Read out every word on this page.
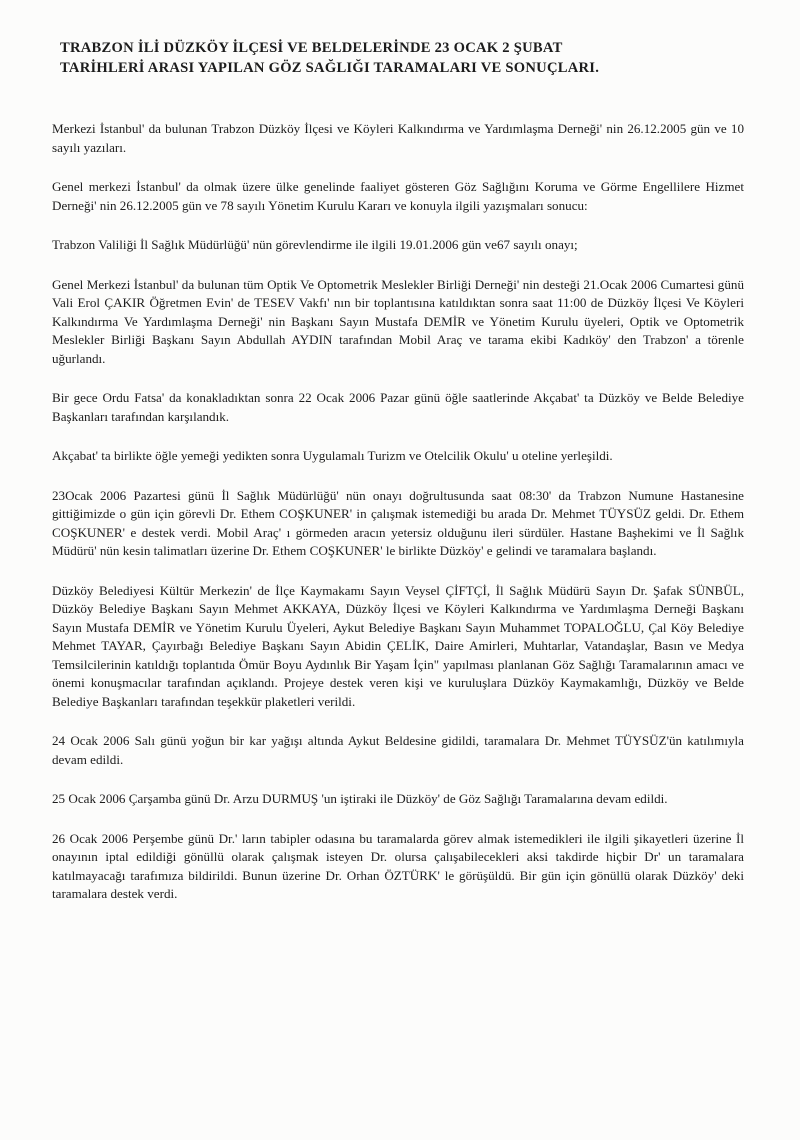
TRABZON İLİ DÜZKÖY İLÇESİ VE BELDELERİNDE 23 OCAK 2 ŞUBAT
TARİHLERİ ARASI YAPILAN GÖZ SAĞLIĞI TARAMALARI VE SONUÇLARI.

Merkezi İstanbul' da bulunan Trabzon Düzköy İlçesi ve Köyleri Kalkındırma ve Yardımlaşma Derneği' nin 26.12.2005 gün ve 10 sayılı yazıları.

Genel merkezi İstanbul' da olmak üzere ülke genelinde faaliyet gösteren Göz Sağlığını Koruma ve Görme Engellilere Hizmet Derneği' nin 26.12.2005 gün ve 78 sayılı Yönetim Kurulu Kararı ve konuyla ilgili yazışmaları sonucu:

Trabzon Valiliği İl Sağlık Müdürlüğü' nün görevlendirme ile ilgili 19.01.2006 gün ve67 sayılı onayı;

Genel Merkezi İstanbul' da bulunan tüm Optik Ve Optometrik Meslekler Birliği Derneği' nin desteği 21.Ocak 2006 Cumartesi günü Vali Erol ÇAKIR Öğretmen Evin' de TESEV Vakfı' nın bir toplantısına katıldıktan sonra saat 11:00 de Düzköy İlçesi Ve Köyleri Kalkındırma Ve Yardımlaşma Derneği' nin Başkanı Sayın Mustafa DEMİR ve Yönetim Kurulu üyeleri, Optik ve Optometrik Meslekler Birliği Başkanı Sayın Abdullah AYDIN tarafından Mobil Araç ve tarama ekibi Kadıköy' den Trabzon' a törenle uğurlandı.

Bir gece Ordu Fatsa' da konakladıktan sonra 22 Ocak 2006 Pazar günü öğle saatlerinde Akçabat' ta Düzköy ve Belde Belediye Başkanları tarafından karşılandık.

Akçabat' ta birlikte öğle yemeği yedikten sonra Uygulamalı Turizm ve Otelcilik Okulu' u oteline yerleşildi.

23Ocak 2006 Pazartesi günü İl Sağlık Müdürlüğü' nün onayı doğrultusunda saat 08:30' da Trabzon Numune Hastanesine gittiğimizde o gün için görevli Dr. Ethem COŞKUNER' in çalışmak istemediği bu arada Dr. Mehmet TÜYSÜZ geldi. Dr. Ethem COŞKUNER' e destek verdi. Mobil Araç' ı görmeden aracın yetersiz olduğunu ileri sürdüler. Hastane Başhekimi ve İl Sağlık Müdürü' nün kesin talimatları üzerine Dr. Ethem COŞKUNER' le birlikte Düzköy' e gelindi ve taramalara başlandı.

Düzköy Belediyesi Kültür Merkezin' de İlçe Kaymakamı Sayın Veysel ÇİFTÇİ, İl Sağlık Müdürü Sayın Dr. Şafak SÜNBÜL, Düzköy Belediye Başkanı Sayın Mehmet AKKAYA, Düzköy İlçesi ve Köyleri Kalkındırma ve Yardımlaşma Derneği Başkanı Sayın Mustafa DEMİR ve Yönetim Kurulu Üyeleri, Aykut Belediye Başkanı Sayın Muhammet TOPALOĞLU, Çal Köy Belediye Mehmet TAYAR, Çayırbağı Belediye Başkanı Sayın Abidin ÇELİK, Daire Amirleri, Muhtarlar, Vatandaşlar, Basın ve Medya Temsilcilerinin katıldığı toplantıda Ömür Boyu Aydınlık Bir Yaşam İçin" yapılması planlanan Göz Sağlığı Taramalarının amacı ve önemi konuşmacılar tarafından açıklandı. Projeye destek veren kişi ve kuruluşlara Düzköy Kaymakamlığı, Düzköy ve Belde Belediye Başkanları tarafından teşekkür plaketleri verildi.

24 Ocak 2006 Salı günü yoğun bir kar yağışı altında Aykut Beldesine gidildi, taramalara Dr. Mehmet TÜYSÜZ'ün katılımıyla devam edildi.

25 Ocak 2006 Çarşamba günü Dr. Arzu DURMUŞ 'un iştiraki ile Düzköy' de Göz Sağlığı Taramalarına devam edildi.

26 Ocak 2006 Perşembe günü Dr.' ların tabipler odasına bu taramalarda görev almak istemedikleri ile ilgili şikayetleri üzerine İl onayının iptal edildiği gönüllü olarak çalışmak isteyen Dr. olursa çalışabilecekleri aksi takdirde hiçbir Dr' un taramalara katılmayacağı tarafımıza bildirildi. Bunun üzerine Dr. Orhan ÖZTÜRK' le görüşüldü. Bir gün için gönüllü olarak Düzköy' deki taramalara destek verdi.
